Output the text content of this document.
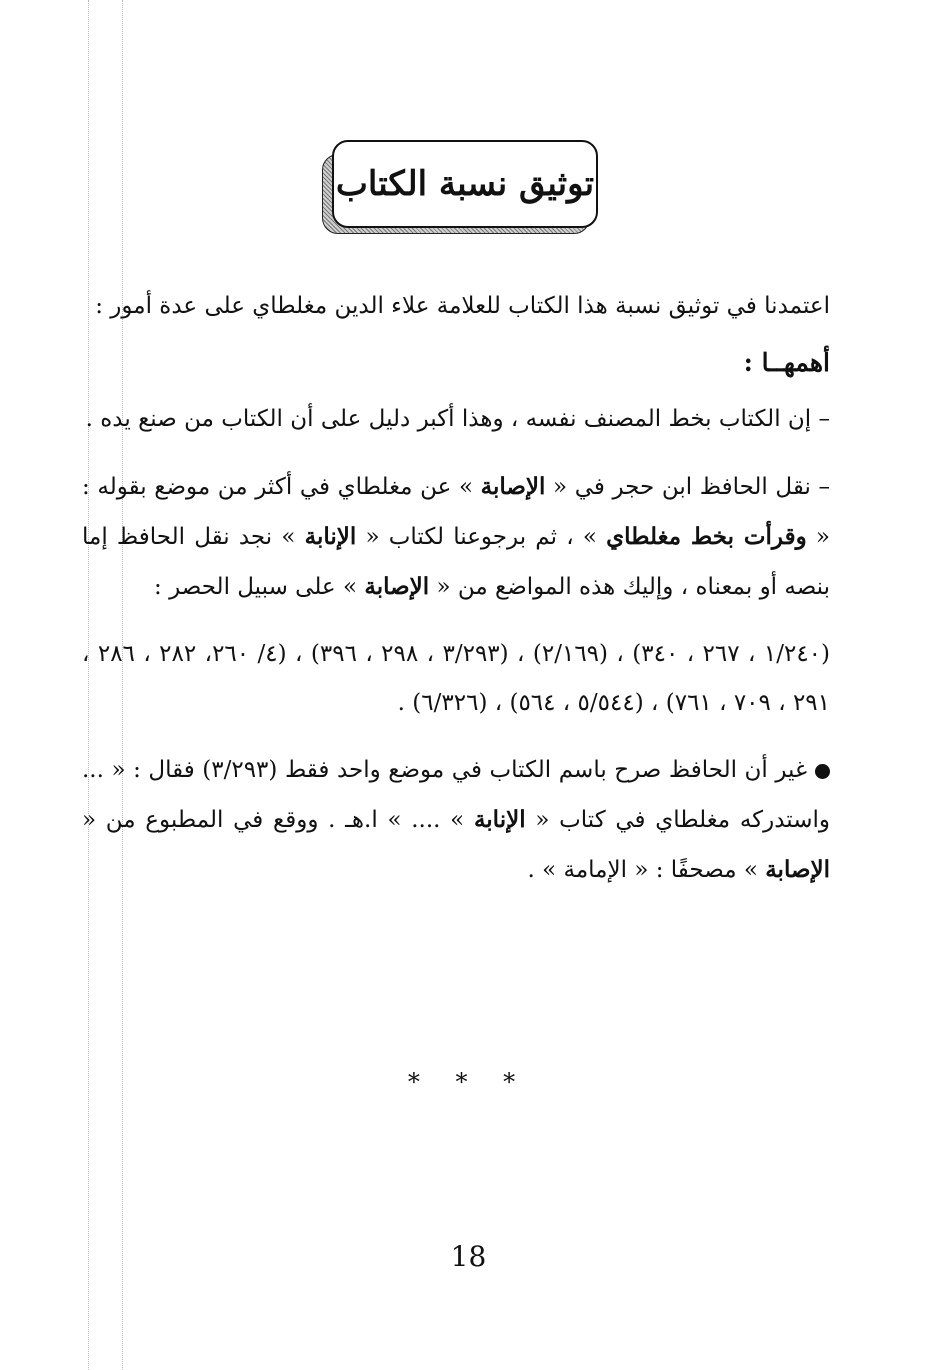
توثيق نسبة الكتاب

اعتمدنا في توثيق نسبة هذا الكتاب للعلامة علاء الدين مغلطاي على عدة أمور :

أهمهــا :

– إن الكتاب بخط المصنف نفسه ، وهذا أكبر دليل على أن الكتاب من صنع يده .

– نقل الحافظ ابن حجر في « الإصابة » عن مغلطاي في أكثر من موضع بقوله : « وقرأت بخط مغلطاي » ، ثم برجوعنا لكتاب « الإنابة » نجد نقل الحافظ إما بنصه أو بمعناه ، وإليك هذه المواضع من « الإصابة » على سبيل الحصر :

(١/٢٤٠ ، ٢٦٧ ، ٣٤٠) ، (٢/١٦٩) ، (٣/٢٩٣ ، ٢٩٨ ، ٣٩٦) ، (٤/ ٢٦٠، ٢٨٢ ، ٢٨٦ ، ٢٩١ ، ٧٠٩ ، ٧٦١) ، (٥/٥٤٤ ، ٥٦٤) ، (٦/٣٢٦) .

غير أن الحافظ صرح باسم الكتاب في موضع واحد فقط (٣/٢٩٣) فقال : « ... واستدركه مغلطاي في كتاب « الإنابة » .... » ا.هـ . ووقع في المطبوع من « الإصابة » مصحفًا : « الإمامة » .

* * *
18
